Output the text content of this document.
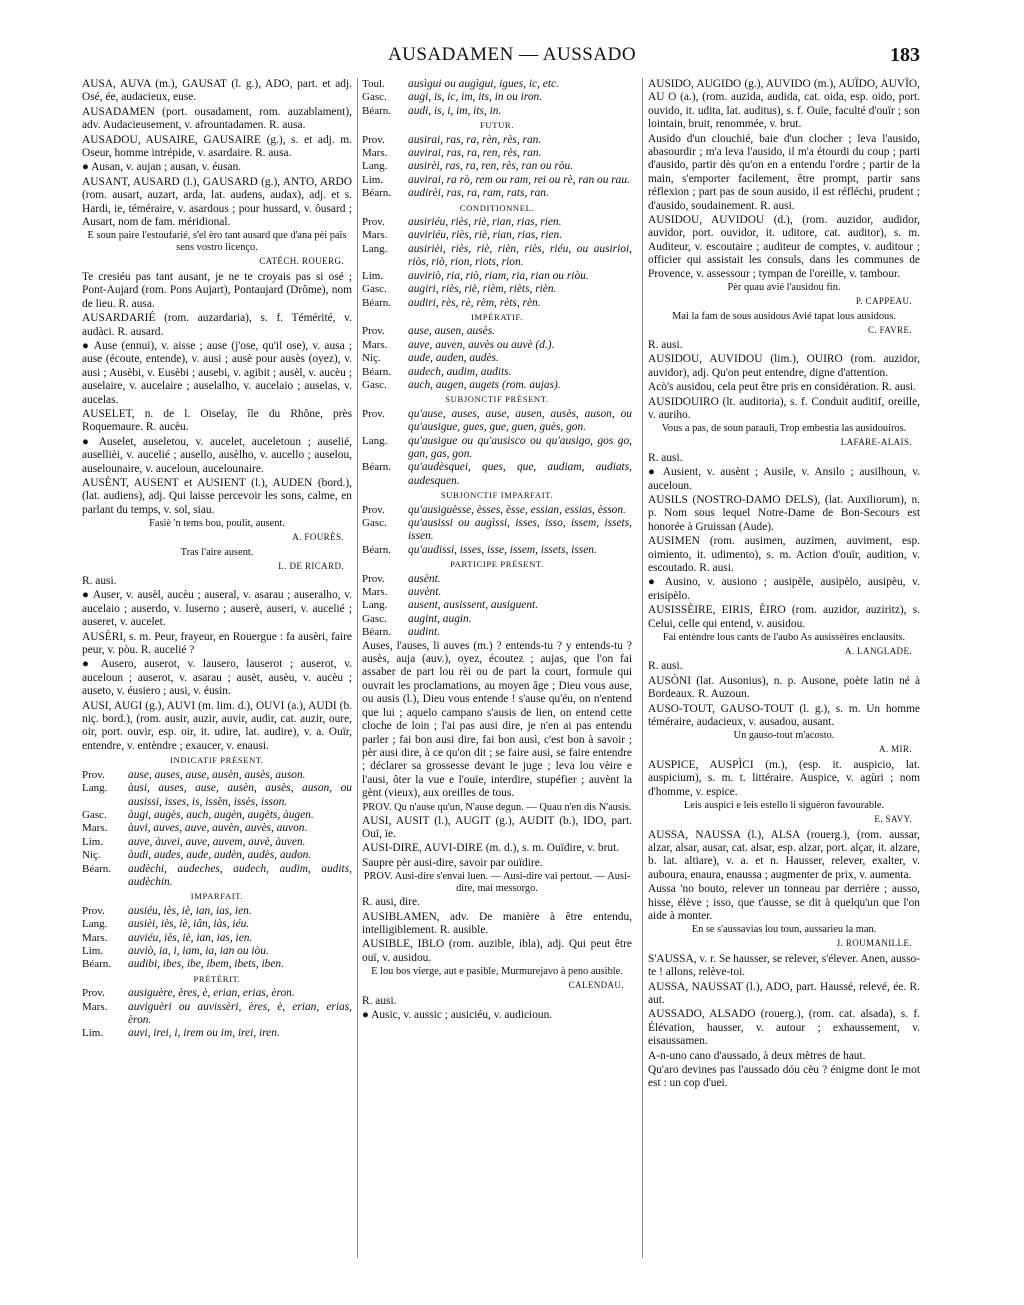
AUSADAMEN — AUSSADO	183

AUSA, AUVA (m.), GAUSAT (l. g.), ADO, part. et adj. Osé, ée, audacieux, euse.

AUSADAMEN (port. ousadament, rom. auzablament), adv. Audacieusement, v. afrountadamen. R. ausa.

AUSADOU, AUSAIRE, GAUSAIRE (g.), s. et adj. m. Oseur, homme intrépide, v. asardaire. R. ausa.

● Ausan, v. aujan ; ausan, v. éusan.

AUSANT, AUSARD (l.), GAUSARD (g.), ANTO, ARDO (rom. ausart, auzart, arda, lat. audens, audax), adj. et s. Hardi, ie, téméraire, v. asardous ; pour hussard, v. ôusard ; Ausart, nom de fam. méridional.

E soun paire l'estoufarié, s'el èro tant ausard que d'ana pèi païs sens vostro licenço.

CATÉCH. ROUERG.

Te cresiéu pas tant ausant, je ne te croyais pas si osé ; Pont-Aujard (rom. Pons Aujart), Pontaujard (Drôme), nom de lieu. R. ausa.

AUSARDARIÉ (rom. auzardaria), s. f. Témérité, v. audàci. R. ausard.

● Ause (ennui), v. aisse ; ause (j'ose, qu'il ose), v. ausa ; ause (écoute, entende), v. ausi ; ausè pour ausès (oyez), v. ausi ; Ausèbi, v. Eusèbi ; ausebi, v. agibit ; ausèl, v. aucèu ; auselaire, v. aucelaire ; auselalho, v. aucelaio ; auselas, v. aucelas.

AUSELET, n. de l. Oiselay, île du Rhône, près Roquemaure. R. aucèu.

● Auselet, auseletou, v. aucelet, auceletoun ; auselié, ausellièi, v. aucelié ; ausello, ausèlho, v. aucello ; auselou, auselounaire, v. auceloun, aucelounaire.

AUSÈNT, AUSENT et AUSIENT (l.), AUDEN (bord.), (lat. audiens), adj. Qui laisse percevoir les sons, calme, en parlant du temps, v. sol, siau.

Fasiè 'n tems bou, poulit, ausent.

A. FOURÈS.

Tras l'aire ausent.

L. DE RICARD.

R. ausi.

● Auser, v. ausèl, aucèu ; auseral, v. asarau ; auseralho, v. aucelaio ; auserdo, v. luserno ; auserè, auseri, v. aucelié ; auseret, v. aucelet.

AUSÈRI, s. m. Peur, frayeur, en Rouergue : fa ausèri, faire peur, v. pòu. R. aucelié ?

● Ausero, auserot, v. lausero, lauserot ; auserot, v. auceloun ; auserot, v. asarau ; ausèt, ausèu, v. aucèu ; auseto, v. éusiero ; ausi, v. éusin.

AUSI, AUGI (g.), AUVI (m. lim. d.), OUVI (a.), AUDI (b. niç. bord.), (rom. ausir, auzir, auvir, audir, cat. auzir, oure, oir, port. ouvir, esp. oir, it. udire, lat. audire), v. a. Ouïr, entendre, v. entèndre ; exaucer, v. enausi.

INDICATIF PRÉSENT.

Prov.	ause, auses, ause, ausèn, ausès, auson.
Lang.	àusi, auses, ause, ausèn, ausès, auson, ou ausissi, isses, is, issèn, issès, isson.
Gasc.	àugi, augès, auch, augèn, augèts, àugen.
Mars.	àuvi, auves, auve, auvèn, auvès, auvon.
Lim.	auve, àuvei, auve, auvem, auvè, àuven.
Niç.	àudi, audes, aude, audèn, audès, audon.
Béarn.	audèchi, audeches, audech, audim, audits, audèchin.

IMPARFAIT.

Prov.	ausiéu, iès, iè, ian, ias, ien.
Lang.	ausièi, iès, iè, iân, iàs, iéu.
Mars.	auviéu, iès, iè, ian, ias, ien.
Lim.	auviò, ia, i, iam, ia, ian ou iòu.
Béarn.	audibi, ibes, ibe, ibem, ibets, iben.

PRÉTÉRIT.

Prov.	ausiguère, ères, è, erian, erias, èron.
Mars.	auviguèri ou auvissèri, ères, è, erian, erias, èron.
Lim.	auvi, irei, i, irem ou im, irei, iren.
Toul.	ausìgui ou augìgui, igues, ic, etc.
Gasc.	augi, is, ic, im, its, in ou iron.
Béarn.	audi, is, i, im, its, in.

FUTUR.

Prov.	ausirai, ras, ra, rèn, rès, ran.
Mars.	auvirai, ras, ra, ren, rès, ran.
Lang.	ausirèi, ras, ra, ren, rès, ran ou ròu.
Lim.	auvirai, ra rò, rem ou ram, rei ou rè, ran ou rau.
Béarn.	audirèi, ras, ra, ram, rats, ran.

CONDITIONNEL.

Prov.	ausiriéu, riès, riè, rian, rias, rien.
Mars.	auviriéu, riès, riè, rian, rias, rien.
Lang.	ausirièi, riès, riè, rièn, riès, riéu, ou ausirioi, riòs, riò, rion, riots, rion.
Lim.	auviriò, ria, riò, riam, ria, rian ou riòu.
Gasc.	augiri, riès, riè, rièm, rièts, rièn.
Béarn.	audiri, rès, rè, rèm, rèts, rèn.

IMPÉRATIF.

Prov.	ause, ausen, ausès.
Mars.	auve, auven, auvès ou auvè (d.).
Niç.	aude, auden, audès.
Béarn.	audech, audim, audits.
Gasc.	auch, augen, augets (rom. aujas).

SUBJONCTIF PRÉSENT.

Prov.	qu'ause, auses, ause, ausen, ausès, auson, ou qu'ausigue, gues, gue, guen, guès, gon.
Lang.	qu'ausigue ou qu'ausisco ou qu'ausigo, gos go, gan, gas, gon.
Béarn.	qu'audèsquei, ques, que, audiam, audiats, audesquen.

SUBJONCTIF IMPARFAIT.

Prov.	qu'ausiguèsse, èsses, èsse, essian, essias, èsson.
Gasc.	qu'ausissi ou augìssi, isses, isso, issem, issets, issen.
Béarn.	qu'audissi, isses, isse, issem, issets, issen.

PARTICIPE PRÉSENT.

Prov.	ausènt.
Mars.	auvènt.
Lang.	ausent, ausissent, ausiguent.
Gasc.	augint, augin.
Béarn.	audint.

Auses, l'auses, li auves (m.) ? entends-tu ? y entends-tu ? ausès, auja (auv.), oyez, écoutez ; aujas, que l'on fai assaber de part lou rèi ou de part la court, formule qui ouvrait les proclamations, au moyen âge ; Dieu vous ause, ou ausis (l.), Dieu vous entende ! s'ause qu'éu, on n'entend que lui ; aquelo campano s'ausis de lien, on entend cette cloche de loin ; l'ai pas ausi dire, je n'en ai pas entendu parler ; fai bon ausi dire, fai bon ausì, c'est bon à savoir ; pèr ausi dire, à ce qu'on dit ; se faire ausi, se faire entendre ; déclarer sa grossesse devant le juge ; leva lou vèire e l'ausi, ôter la vue e l'ouïe, interdire, stupéfier ; auvènt la gènt (vieux), aux oreilles de tous.

PROV. Qu n'ause qu'un, N'ause degun. — Quau n'en dis N'ausis.

AUSI, AUSIT (l.), AUGIT (g.), AUDIT (b.), IDO, part. Ouï, ïe.

AUSI-DIRE, AUVI-DIRE (m. d.), s. m. Ouïdire, v. brut.

Saupre pèr ausi-dire, savoir par ouïdire.

PROV. Ausi-dire s'envai luen. — Ausi-dire vai pertout. — Ausi-dire, mai messorgo.

R. ausi, dire.

AUSIBLAMEN, adv. De manière à être entendu, intelligiblement. R. ausible.

AUSIBLE, IBLO (rom. auzible, ibla), adj. Qui peut être ouï, v. ausidou.

E lou bos vierge, aut e pasible, Murmurejavo à peno ausible.

CALENDAU.

R. ausi.

● Ausic, v. aussic ; ausiciéu, v. audicioun.

AUSIDO, AUGIDO (g.), AUVIDO (m.), AUÏDO, AUVÏO, AU O (a.), (rom. auzida, audida, cat. oida, esp. oido, port. ouvido, it. udita, lat. auditus), s. f. Ouïe, faculté d'ouïr ; son lointain, bruit, renommée, v. brut.

Ausido d'un clouchié, baie d'un clocher ; leva l'ausido, abasourdir ; m'a leva l'ausido, il m'a étourdi du coup ; parti d'ausido, partir dès qu'on en a entendu l'ordre ; partir de la main, s'emporter facilement, être prompt, partir sans réflexion ; part pas de soun ausido, il est réfléchi, prudent ; d'ausido, soudainement. R. ausi.

AUSIDOU, AUVIDOU (d.), (rom. auzidor, audidor, auvidor, port. ouvidor, it. uditore, cat. auditor), s. m. Auditeur, v. escoutaire ; auditeur de comptes, v. auditour ; officier qui assistait les consuls, dans les communes de Provence, v. assessour ; tympan de l'oreille, v. tambour.

Pèr quau avié l'ausidou fin.

P. CAPPEAU.

Mai la fam de sous ausidous Avié tapat lous ausidous.

C. FAVRE.

R. ausi.

AUSIDOU, AUVIDOU (lim.), OUIRO (rom. auzidor, auvidor), adj. Qu'on peut entendre, digne d'attention.

Acò's ausidou, cela peut être pris en considération. R. ausi.

AUSIDOUIRO (lt. auditoria), s. f. Conduit auditif, oreille, v. auriho.

Vous a pas, de soun parauli, Trop embestia las ausidouiros.

LAFARE-ALAIS.

R. ausi.

● Ausient, v. ausènt ; Ausile, v. Ansilo ; ausilhoun, v. auceloun.

AUSILS (NOSTRO-DAMO DELS), (lat. Auxiliorum), n. p. Nom sous lequel Notre-Dame de Bon-Secours est honorée à Gruissan (Aude).

AUSIMEN (rom. ausimen, auzimen, auviment, esp. oimiento, it. udimento), s. m. Action d'ouïr, audition, v. escoutado. R. ausi.

● Ausino, v. ausiono ; ausipèle, ausipèlo, ausipèu, v. erisipèlo.

AUSISSÈIRE, EIRIS, ÈIRO (rom. auzidor, auziritz), s. Celui, celle qui entend, v. ausidou.

Fai entèndre lous cants de l'aubo As ausissèires enclausits.

A. LANGLADE.

R. ausi.

AUSÒNI (lat. Ausonius), n. p. Ausone, poète latin né à Bordeaux. R. Auzoun.

AUSO-TOUT, GAUSO-TOUT (l. g.), s. m. Un homme téméraire, audacieux, v. ausadou, ausant.

Un gauso-tout m'acosto.

A. MIR.

AUSPICE, AUSPÌCI (m.), (esp. it. auspicio, lat. auspicium), s. m. t. littéraire. Auspice, v. agùri ; nom d'homme, v. espice.

Leis auspici e leis estello li siguèron favourable.

E. SAVY.

AUSSA, NAUSSA (l.), ALSA (rouerg.), (rom. aussar, alzar, alsar, ausar, cat. alsar, esp. alzar, port. alçar, it. alzare, b. lat. altiare), v. a. et n. Hausser, relever, exalter, v. auboura, enaura, enaussa ; augmenter de prix, v. aumenta.

Aussa 'no bouto, relever un tonneau par derrière ; ausso, hisse, élève ; isso, que t'ausse, se dit à quelqu'un que l'on aide à monter.

En se s'aussavias lou toun, aussarieu la man.

J. ROUMANILLE.

S'AUSSA, v. r. Se hausser, se relever, s'élever. Anen, ausso-te ! allons, relève-toi.

AUSSA, NAUSSAT (l.), ADO, part. Haussé, relevé, ée. R. aut.

AUSSADO, ALSADO (rouerg.), (rom. cat. alsada), s. f. Élévation, hausser, v. autour ; exhaussement, v. eisaussamen.

A-n-uno cano d'aussado, à deux mètres de haut.

Qu'aro devines pas l'aussado dóu cèu ? énigme dont le mot est : un cop d'uei.
